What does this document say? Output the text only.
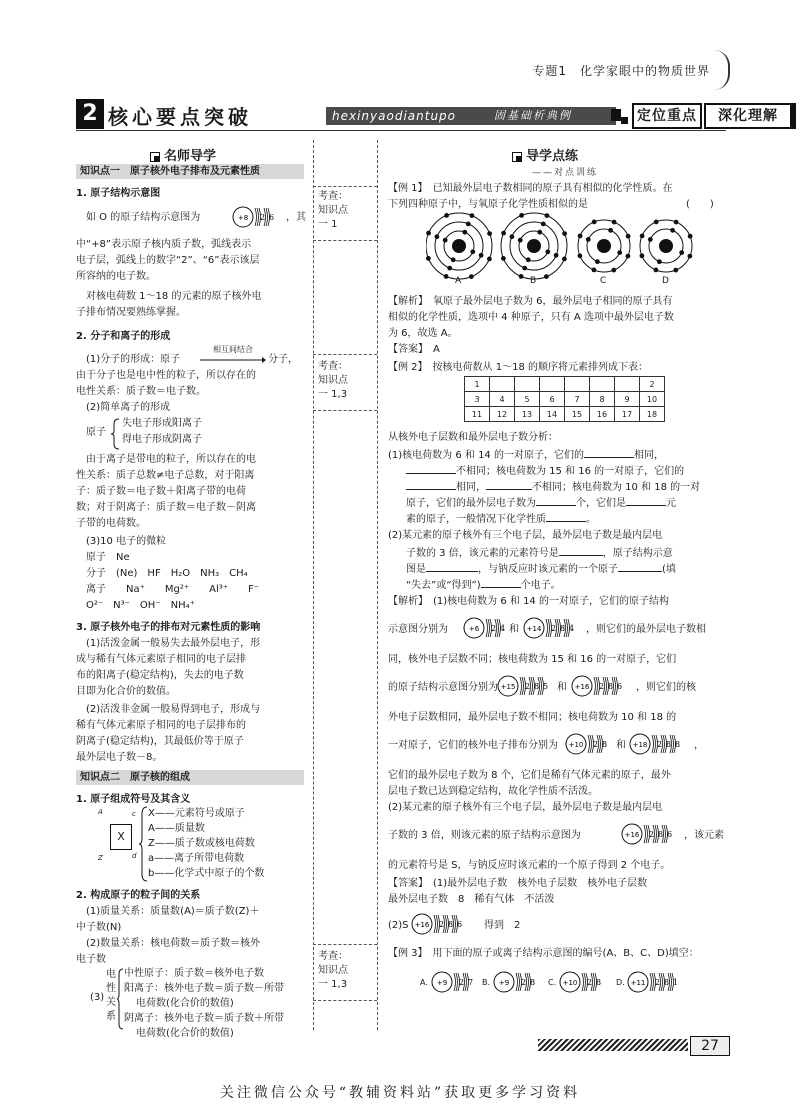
专题1　化学家眼中的物质世界
2 核心要点突破	hexinyaodiantupo	固基础析典例	定位重点	深化理解
名师导学
知识点一　原子核外电子排布及元素性质
1. 原子结构示意图
如 O 的原子结构示意图为	+8 2 6 ，其
中“+8”表示原子核内质子数，弧线表示
电子层，弧线上的数字“2”、“6”表示该层
所容纳的电子数。
对核电荷数 1～18 的元素的原子核外电
子排布情况要熟练掌握。
2. 分子和离子的形成
(1)分子的形成：原子
相互间结合
分子，
由于分子也是电中性的粒子，所以存在的
电性关系：质子数＝电子数。
(2)简单离子的形成
原子
失电子形成阳离子
得电子形成阴离子
由于离子是带电的粒子，所以存在的电
性关系：质子总数≠电子总数，对于阳离
子：质子数＝电子数＋阳离子带的电荷
数；对于阴离子：质子数＝电子数－阴离
子带的电荷数。
(3)10 电子的微粒
原子　Ne
分子　(Ne)　HF　H₂O　NH₃　CH₄
离子　　Na⁺　　Mg²⁺　　Al³⁺　　F⁻
O²⁻　N³⁻　OH⁻　NH₄⁺
3. 原子核外电子的排布对元素性质的影响
(1)活泼金属一般易失去最外层电子，形
成与稀有气体元素原子相同的电子层排
布的阳离子(稳定结构)，失去的电子数
目即为化合价的数值。
(2)活泼非金属一般易得到电子，形成与
稀有气体元素原子相同的电子层排布的
阴离子(稳定结构)，其最低价等于原子
最外层电子数－8。
知识点二　原子核的组成
1. 原子组成符号及其含义
A
Z
X
c
d
X——元素符号或原子
A——质量数
Z——质子数或核电荷数
a——离子所带电荷数
b——化学式中原子的个数
2. 构成原子的粒子间的关系
(1)质量关系：质量数(A)＝质子数(Z)＋
中子数(N)
(2)数量关系：核电荷数＝质子数＝核外
电子数
(3)
电
性
关
系
中性原子：质子数＝核外电子数
阳离子：核外电子数＝质子数－所带
电荷数(化合价的数值)
阴离子：核外电子数＝质子数＋所带
电荷数(化合价的数值)
考查：
知识点
一 1
考查：
知识点
一 1,3
考查：
知识点
一 1,3
导学点练
——对点训练
【例 1】　已知最外层电子数相同的原子具有相似的化学性质。在
下列四种原子中，与氧原子化学性质相似的是	(　　)
A	B	C	D
【解析】　氧原子最外层电子数为 6，最外层电子相同的原子具有
相似的化学性质，选项中 4 种原子，只有 A 选项中最外层电子数
为 6，故选 A。
【答案】　A
【例 2】　按核电荷数从 1～18 的顺序将元素排列成下表：
1							2
3	4	5	6	7	8	9	10
11	12	13	14	15	16	17	18
从核外电子层数和最外层电子数分析：
(1)核电荷数为 6 和 14 的一对原子，它们的	相同，
不相同；核电荷数为 15 和 16 的一对原子，它们的
相同，	不相同；核电荷数为 10 和 18 的一对
原子，它们的最外层电子数为	个，它们是	元
素的原子，一般情况下化学性质	。
(2)某元素的原子核外有三个电子层，最外层电子数是最内层电
子数的 3 倍，该元素的元素符号是	，原子结构示意
图是	，与钠反应时该元素的一个原子	(填
“失去”或“得到”)	个电子。
【解析】　(1)核电荷数为 6 和 14 的一对原子，它们的原子结构
示意图分别为	+6 2 4 和 +14 2 8 4 ，则它们的最外层电子数相
同，核外电子层数不同；核电荷数为 15 和 16 的一对原子，它们
的原子结构示意图分别为 +15 2 8 5 和 +16 2 8 6 ，则它们的核
外电子层数相同，最外层电子数不相同；核电荷数为 10 和 18 的
一对原子，它们的核外电子排布分别为 +10 2 8 和 +18 2 8 8 ，
它们的最外层电子数为 8 个，它们是稀有气体元素的原子，最外
层电子数已达到稳定结构，故化学性质不活泼。
(2)某元素的原子核外有三个电子层，最外层电子数是最内层电
子数的 3 倍，则该元素的原子结构示意图为	+16 2 8 6 ，该元素
的元素符号是 S，与钠反应时该元素的一个原子得到 2 个电子。
【答案】　(1)最外层电子数　核外电子层数　核外电子层数
最外层电子数　8　稀有气体　不活泼
(2)S +16 2 8 6 得到　2
【例 3】　用下面的原子或离子结构示意图的编号(A、B、C、D)填空：
A. +9 2 7 B. +9 2 8 C. +10 2 8 D. +11 2 8 1
27
关注微信公众号“教辅资料站”获取更多学习资料
